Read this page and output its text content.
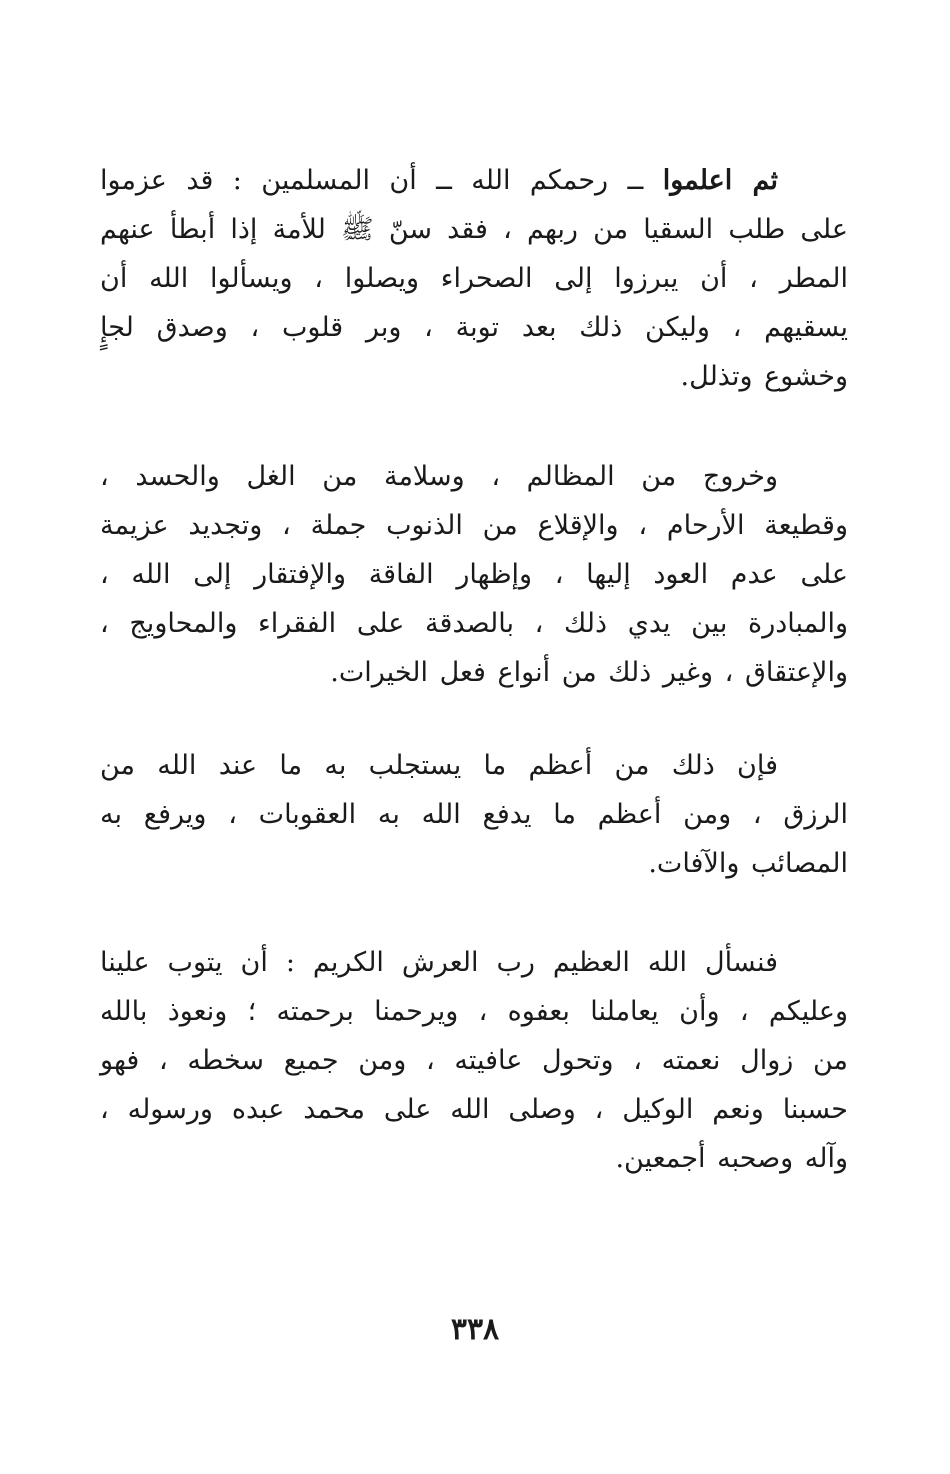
ثم اعلموا ــ رحمكم الله ــ أن المسلمين : قد عزموا
على طلب السقيا من ربهم ، فقد سنّ ﷺ للأمة إذا أبطأ عنهم
المطر ، أن يبرزوا إلى الصحراء ويصلوا ، ويسألوا الله أن
يسقيهم ، وليكن ذلك بعد توبة ، وبر قلوب ، وصدق لجإٍ
وخشوع وتذلل.
وخروج من المظالم ، وسلامة من الغل والحسد ،
وقطيعة الأرحام ، والإقلاع من الذنوب جملة ، وتجديد عزيمة
على عدم العود إليها ، وإظهار الفاقة والإفتقار إلى الله ،
والمبادرة بين يدي ذلك ، بالصدقة على الفقراء والمحاويج ،
والإعتقاق ، وغير ذلك من أنواع فعل الخيرات.
فإن ذلك من أعظم ما يستجلب به ما عند الله من
الرزق ، ومن أعظم ما يدفع الله به العقوبات ، ويرفع به
المصائب والآفات.
فنسأل الله العظيم رب العرش الكريم : أن يتوب علينا
وعليكم ، وأن يعاملنا بعفوه ، ويرحمنا برحمته ؛ ونعوذ بالله
من زوال نعمته ، وتحول عافيته ، ومن جميع سخطه ، فهو
حسبنا ونعم الوكيل ، وصلى الله على محمد عبده ورسوله ،
وآله وصحبه أجمعين.
٣٣٨
